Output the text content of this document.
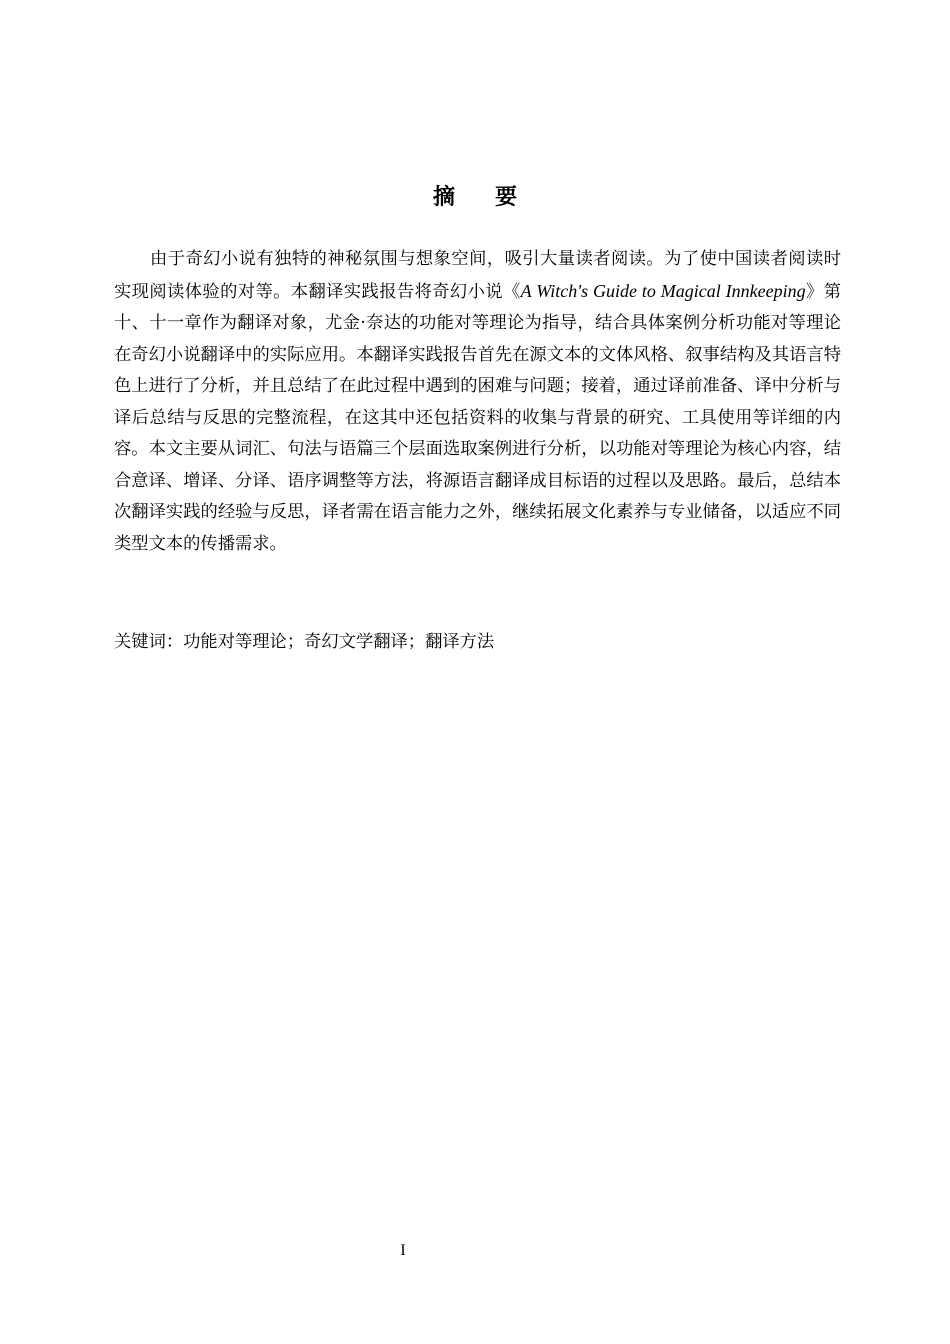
摘要

由于奇幻小说有独特的神秘氛围与想象空间，吸引大量读者阅读。为了使中国读者阅读时实现阅读体验的对等。本翻译实践报告将奇幻小说《A Witch's Guide to Magical Innkeeping》第十、十一章作为翻译对象，尤金·奈达的功能对等理论为指导，结合具体案例分析功能对等理论在奇幻小说翻译中的实际应用。本翻译实践报告首先在源文本的文体风格、叙事结构及其语言特色上进行了分析，并且总结了在此过程中遇到的困难与问题；接着，通过译前准备、译中分析与译后总结与反思的完整流程，在这其中还包括资料的收集与背景的研究、工具使用等详细的内容。本文主要从词汇、句法与语篇三个层面选取案例进行分析，以功能对等理论为核心内容，结合意译、增译、分译、语序调整等方法，将源语言翻译成目标语的过程以及思路。最后，总结本次翻译实践的经验与反思，译者需在语言能力之外，继续拓展文化素养与专业储备，以适应不同类型文本的传播需求。

关键词：功能对等理论；奇幻文学翻译；翻译方法

I
